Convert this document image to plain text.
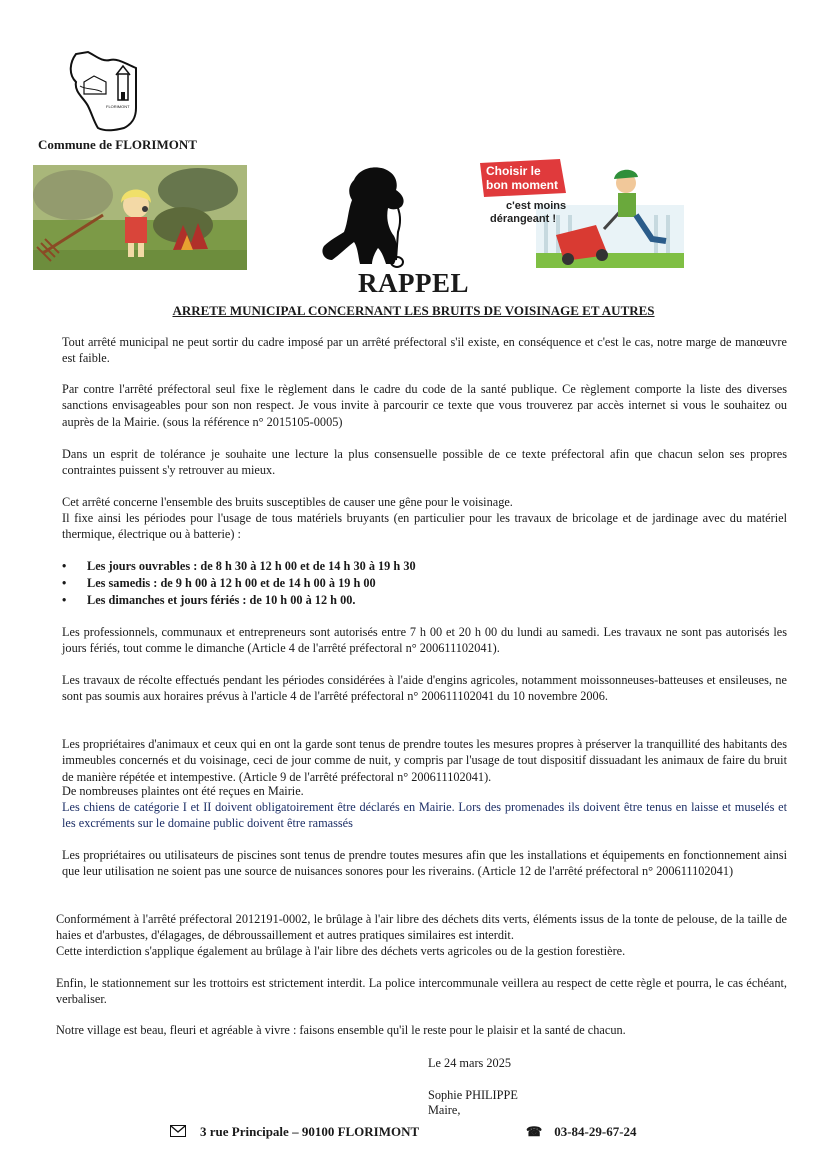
FLORIMONT
Commune de FLORIMONT
Choisir le
bon moment
c'est moins
dérangeant !
RAPPEL
ARRETE MUNICIPAL CONCERNANT LES BRUITS DE VOISINAGE ET AUTRES

Tout arrêté municipal ne peut sortir du cadre imposé par un arrêté préfectoral s'il existe, en conséquence et c'est le cas, notre marge de manœuvre est faible.

Par contre l'arrêté préfectoral seul fixe le règlement dans le cadre du code de la santé publique. Ce règlement comporte la liste des diverses sanctions envisageables pour son non respect. Je vous invite à parcourir ce texte que vous trouverez par accès internet si vous le souhaitez ou auprès de la Mairie. (sous la référence n° 2015105-0005)

Dans un esprit de tolérance je souhaite une lecture la plus consensuelle possible de ce texte préfectoral afin que chacun selon ses propres contraintes puissent s'y retrouver au mieux.

Cet arrêté concerne l'ensemble des bruits susceptibles de causer une gêne pour le voisinage.

Il fixe ainsi les périodes pour l'usage de tous matériels bruyants (en particulier pour les travaux de bricolage et de jardinage avec du matériel thermique, électrique ou à batterie) :

• Les jours ouvrables : de 8 h 30 à 12 h 00 et de 14 h 30 à 19 h 30
• Les samedis : de 9 h 00 à 12 h 00 et de 14 h 00 à 19 h 00
• Les dimanches et jours fériés : de 10 h 00 à 12 h 00.

Les professionnels, communaux et entrepreneurs sont autorisés entre 7 h 00 et 20 h 00 du lundi au samedi. Les travaux ne sont pas autorisés les jours fériés, tout comme le dimanche (Article 4 de l'arrêté préfectoral n° 200611102041).

Les travaux de récolte effectués pendant les périodes considérées à l'aide d'engins agricoles, notamment moissonneuses-batteuses et ensileuses, ne sont pas soumis aux horaires prévus à l'article 4 de l'arrêté préfectoral n° 200611102041 du 10 novembre 2006.

Les propriétaires d'animaux et ceux qui en ont la garde sont tenus de prendre toutes les mesures propres à préserver la tranquillité des habitants des immeubles concernés et du voisinage, ceci de jour comme de nuit, y compris par l'usage de tout dispositif dissuadant les animaux de faire du bruit de manière répétée et intempestive. (Article 9 de l'arrêté préfectoral n° 200611102041).

De nombreuses plaintes ont été reçues en Mairie.

Les chiens de catégorie I et II doivent obligatoirement être déclarés en Mairie. Lors des promenades ils doivent être tenus en laisse et muselés et les excréments sur le domaine public doivent être ramassés

Les propriétaires ou utilisateurs de piscines sont tenus de prendre toutes mesures afin que les installations et équipements en fonctionnement ainsi que leur utilisation ne soient pas une source de nuisances sonores pour les riverains. (Article 12 de l'arrêté préfectoral n° 200611102041)

Conformément à l'arrêté préfectoral 2012191-0002, le brûlage à l'air libre des déchets dits verts, éléments issus de la tonte de pelouse, de la taille de haies et d'arbustes, d'élagages, de débroussaillement et autres pratiques similaires est interdit.

Cette interdiction s'applique également au brûlage à l'air libre des déchets verts agricoles ou de la gestion forestière.

Enfin, le stationnement sur les trottoirs est strictement interdit. La police intercommunale veillera au respect de cette règle et pourra, le cas échéant, verbaliser.

Notre village est beau, fleuri et agréable à vivre : faisons ensemble qu'il le reste pour le plaisir et la santé de chacun.

Le 24 mars 2025
Sophie PHILIPPE
Maire,
3 rue Principale – 90100 FLORIMONT	☎ 03-84-29-67-24
